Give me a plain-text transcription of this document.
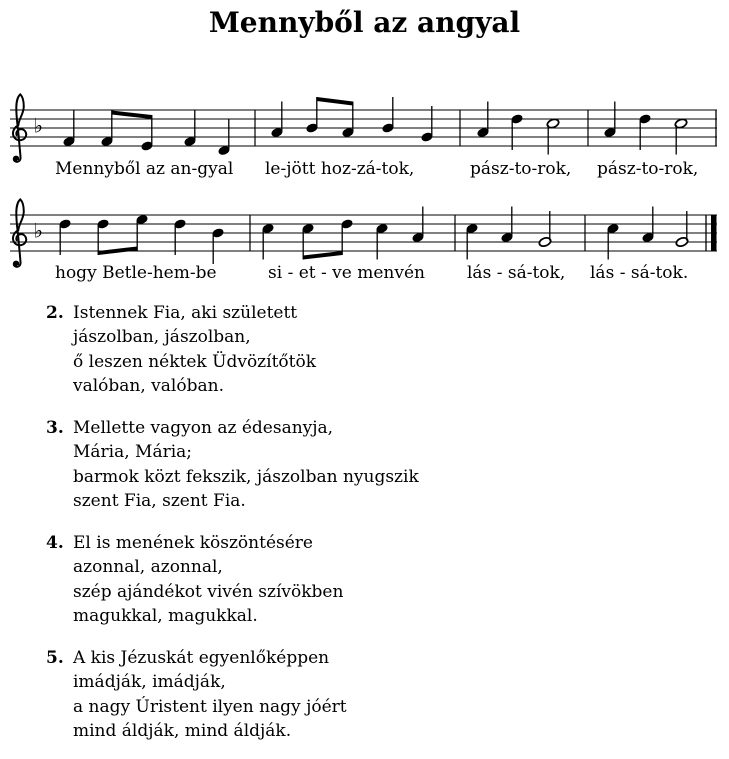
Mennyből az angyal
♭
Mennyből az an-gyal le-jött hoz-zá-tok,	pász-to-rok, pász-to-rok,
♭
hogy Betle-hem-be	si - et - ve menvén lás - sá-tok, lás - sá-tok.
2. Istennek Fia, aki született
jászolban, jászolban,
ő leszen néktek Üdvözítőtök
valóban, valóban.
3. Mellette vagyon az édesanyja,
Mária, Mária;
barmok közt fekszik, jászolban nyugszik
szent Fia, szent Fia.
4. El is menének köszöntésére
azonnal, azonnal,
szép ajándékot vivén szívökben
magukkal, magukkal.
5. A kis Jézuskát egyenlőképpen
imádják, imádják,
a nagy Úristent ilyen nagy jóért
mind áldják, mind áldják.
